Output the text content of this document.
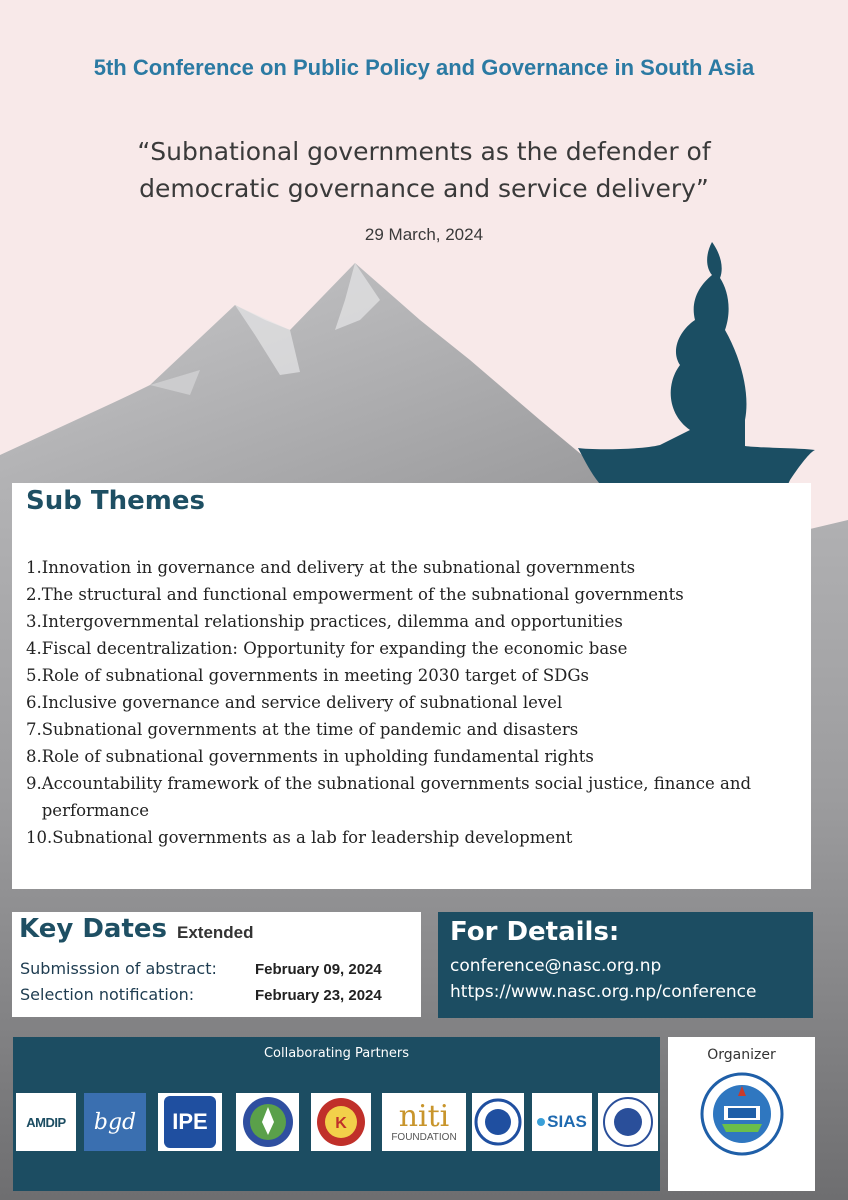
5th Conference on Public Policy and Governance in South Asia
“Subnational governments as the defender of
democratic governance and service delivery”
29 March, 2024
Sub Themes
1. Innovation in governance and delivery at the subnational governments
2. The structural and functional empowerment of the subnational governments
3. Intergovernmental relationship practices, dilemma and opportunities
4. Fiscal decentralization: Opportunity for expanding the economic base
5. Role of subnational governments in meeting 2030 target of SDGs
6. Inclusive governance and service delivery of subnational level
7. Subnational governments at the time of pandemic and disasters
8. Role of subnational governments in upholding fundamental rights
9. Accountability framework of the subnational governments social justice, finance and performance
10. Subnational governments as a lab for leadership development
Key Dates Extended
Submisssion of abstract:	February 09, 2024
Selection notification:	February 23, 2024
For Details:
conference@nasc.org.np
https://www.nasc.org.np/conference
Collaborating Partners
AMDIP bgd IPE	K niti
FOUNDATION
SIAS
Organizer
